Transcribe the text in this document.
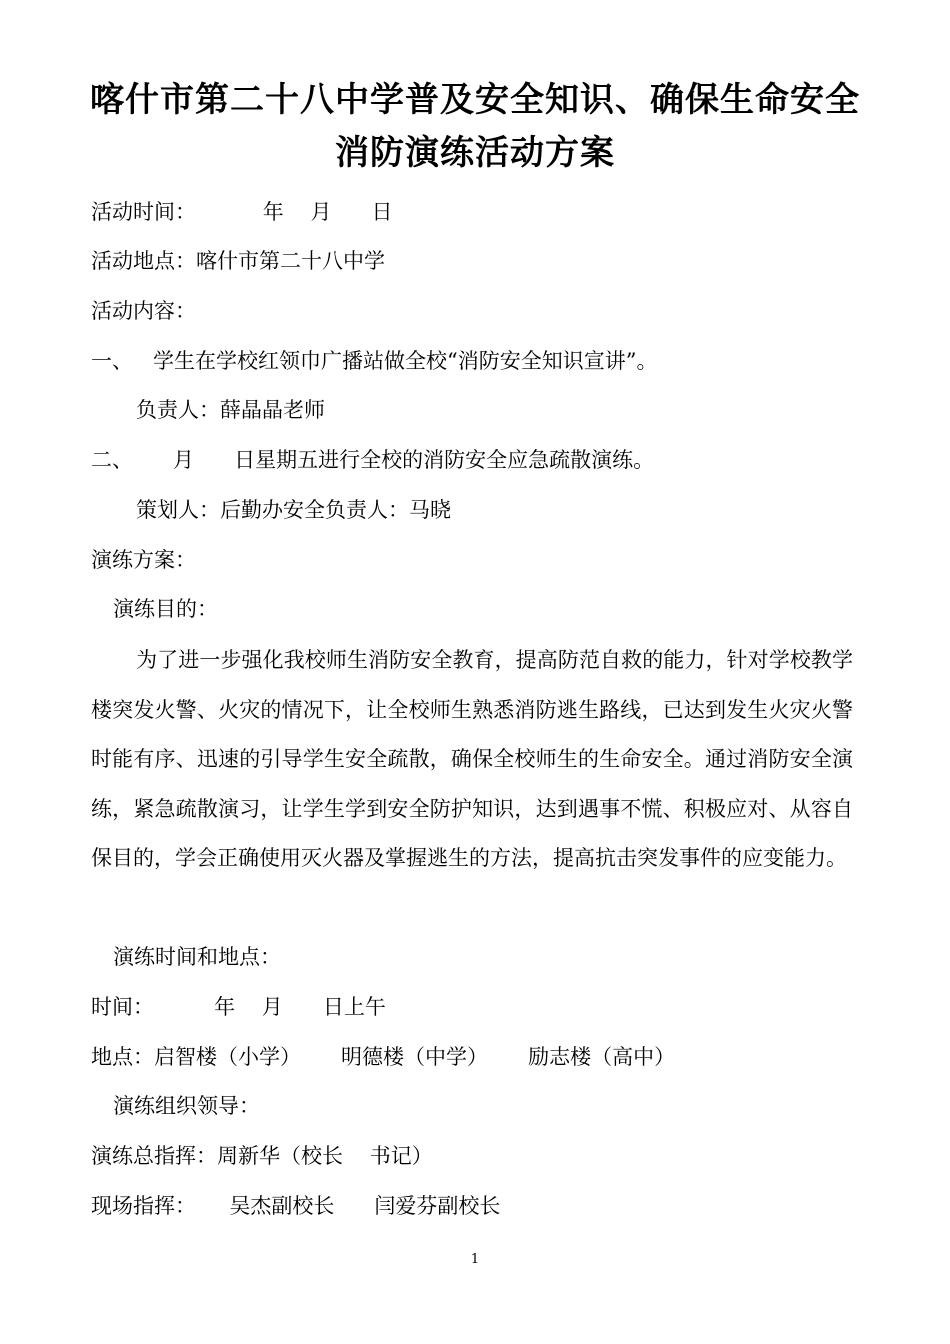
喀什市第二十八中学普及安全知识、确保生命安全
消防演练活动方案
活动时间：          年    月      日
活动地点：喀什市第二十八中学
活动内容：
一、   学生在学校红领巾广播站做全校“消防安全知识宣讲”。
负责人：薛晶晶老师
二、      月      日星期五进行全校的消防安全应急疏散演练。
策划人：后勤办安全负责人：马晓
演练方案：
演练目的：
为了进一步强化我校师生消防安全教育，提高防范自救的能力，针对学校教学楼突发火警、火灾的情况下，让全校师生熟悉消防逃生路线，已达到发生火灾火警时能有序、迅速的引导学生安全疏散，确保全校师生的生命安全。通过消防安全演练，紧急疏散演习，让学生学到安全防护知识，达到遇事不慌、积极应对、从容自保目的，学会正确使用灭火器及掌握逃生的方法，提高抗击突发事件的应变能力。
演练时间和地点：
时间：         年    月      日上午
地点：启智楼（小学）      明德楼（中学）      励志楼（高中）
演练组织领导：
演练总指挥：周新华（校长    书记）
现场指挥：     吴杰副校长      闫爱芬副校长
1
